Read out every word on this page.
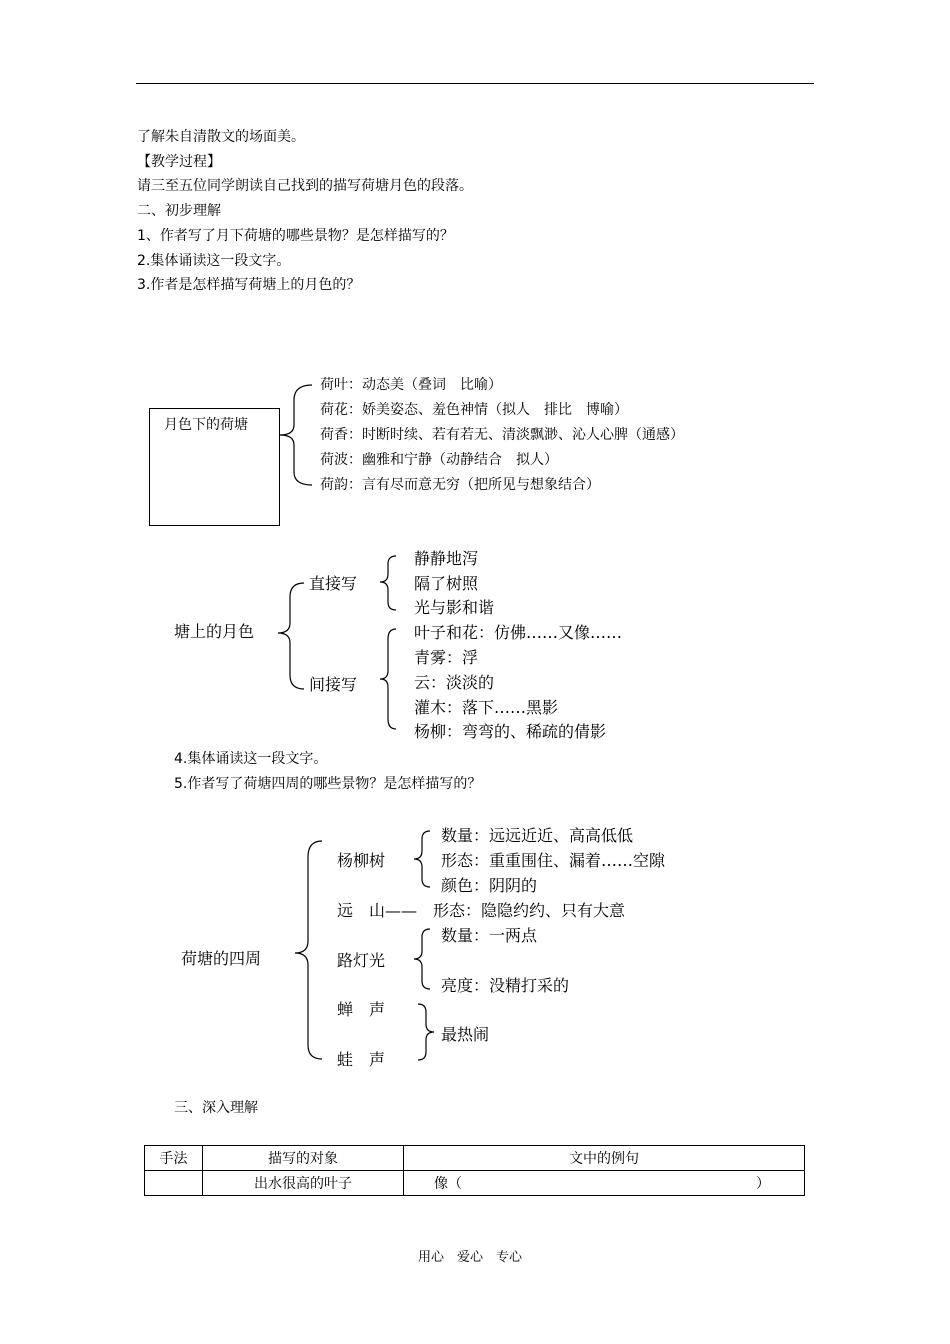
了解朱自清散文的场面美。
【教学过程】
请三至五位同学朗读自己找到的描写荷塘月色的段落。
二、初步理解
1、作者写了月下荷塘的哪些景物？是怎样描写的？
2.集体诵读这一段文字。
3.作者是怎样描写荷塘上的月色的？
月色下的荷塘
荷叶：动态美（叠词　比喻）
荷花：娇美姿态、羞色神情（拟人　排比　博喻）
荷香：时断时续、若有若无、清淡飘渺、沁人心脾（通感）
荷波：幽雅和宁静（动静结合　拟人）
荷韵：言有尽而意无穷（把所见与想象结合）
塘上的月色
直接写
静静地泻
隔了树照
光与影和谐
间接写
叶子和花：仿佛……又像……
青雾：浮
云：淡淡的
灌木：落下……黑影
杨柳：弯弯的、稀疏的倩影
4.集体诵读这一段文字。
5.作者写了荷塘四周的哪些景物？是怎样描写的？
荷塘的四周
杨柳树
数量：远远近近、高高低低
形态：重重围住、漏着……空隙
颜色：阴阴的
远　山——　形态：隐隐约约、只有大意
路灯光
数量：一两点
亮度：没精打采的
蝉　声
蛙　声
最热闹
三、深入理解
手法	描写的对象	文中的例句
	出水很高的叶子	像（ ）
用心　爱心　专心
